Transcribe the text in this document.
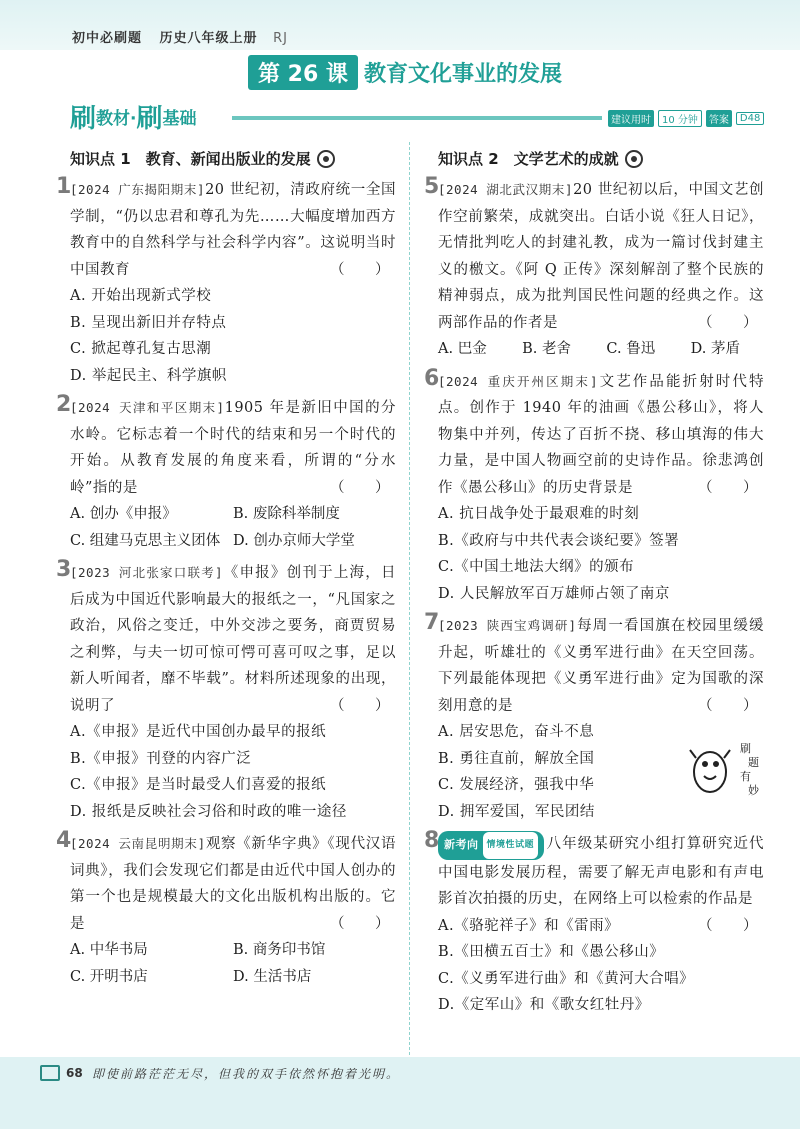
初中必刷题 历史八年级上册 RJ
第 26 课 教育文化事业的发展
刷 教材· 刷 基础	建议用时	10 分钟	答案	D48
知识点 1　教育、新闻出版业的发展
1
[2024 广东揭阳期末]20 世纪初，清政府统一全国学制，“仍以忠君和尊孔为先……大幅度增加西方教育中的自然科学与社会科学内容”。这说明当时中国教育	（　　）
A. 开始出现新式学校
B. 呈现出新旧并存特点
C. 掀起尊孔复古思潮
D. 举起民主、科学旗帜
2
[2024 天津和平区期末]1905 年是新旧中国的分水岭。它标志着一个时代的结束和另一个时代的开始。从教育发展的角度来看，所谓的“分水岭”指的是	（　　）
A. 创办《申报》	B. 废除科举制度
C. 组建马克思主义团体 D. 创办京师大学堂
3
[2023 河北张家口联考]《申报》创刊于上海，日后成为中国近代影响最大的报纸之一，“凡国家之政治，风俗之变迁，中外交涉之要务，商贾贸易之利弊，与夫一切可惊可愕可喜可叹之事，足以新人听闻者，靡不毕载”。材料所述现象的出现，说明了	（　　）
A.《申报》是近代中国创办最早的报纸
B.《申报》刊登的内容广泛
C.《申报》是当时最受人们喜爱的报纸
D. 报纸是反映社会习俗和时政的唯一途径
4
[2024 云南昆明期末]观察《新华字典》《现代汉语词典》，我们会发现它们都是由近代中国人创办的第一个也是规模最大的文化出版机构出版的。它是	（　　）
A. 中华书局	B. 商务印书馆
C. 开明书店	D. 生活书店
知识点 2　文学艺术的成就
5
[2024 湖北武汉期末]20 世纪初以后，中国文艺创作空前繁荣，成就突出。白话小说《狂人日记》，无情批判吃人的封建礼教，成为一篇讨伐封建主义的檄文。《阿 Q 正传》深刻解剖了整个民族的精神弱点，成为批判国民性问题的经典之作。这两部作品的作者是	（　　）
A. 巴金 B. 老舍 C. 鲁迅 D. 茅盾
6
[2024 重庆开州区期末]文艺作品能折射时代特点。创作于 1940 年的油画《愚公移山》，将人物集中并列，传达了百折不挠、移山填海的伟大力量，是中国人物画空前的史诗作品。徐悲鸿创作《愚公移山》的历史背景是	（　　）
A. 抗日战争处于最艰难的时刻
B.《政府与中共代表会谈纪要》签署
C.《中国土地法大纲》的颁布
D. 人民解放军百万雄师占领了南京
7
[2023 陕西宝鸡调研]每周一看国旗在校园里缓缓升起，听雄壮的《义勇军进行曲》在天空回荡。下列最能体现把《义勇军进行曲》定为国歌的深刻用意的是	（　　）
A. 居安思危，奋斗不息
B. 勇往直前，解放全国
C. 发展经济，强我中华
D. 拥军爱国，军民团结
8 新考向 情境性试题 八年级某研究小组打算研究近代中国电影发展历程，需要了解无声电影和有声电影首次拍摄的历史，在网络上可以检索的作品是
（　　）
A.《骆驼祥子》和《雷雨》
B.《田横五百士》和《愚公移山》
C.《义勇军进行曲》和《黄河大合唱》
D.《定军山》和《歌女红牡丹》
刷
题
有
妙
68 即使前路茫茫无尽，但我的双手依然怀抱着光明。
